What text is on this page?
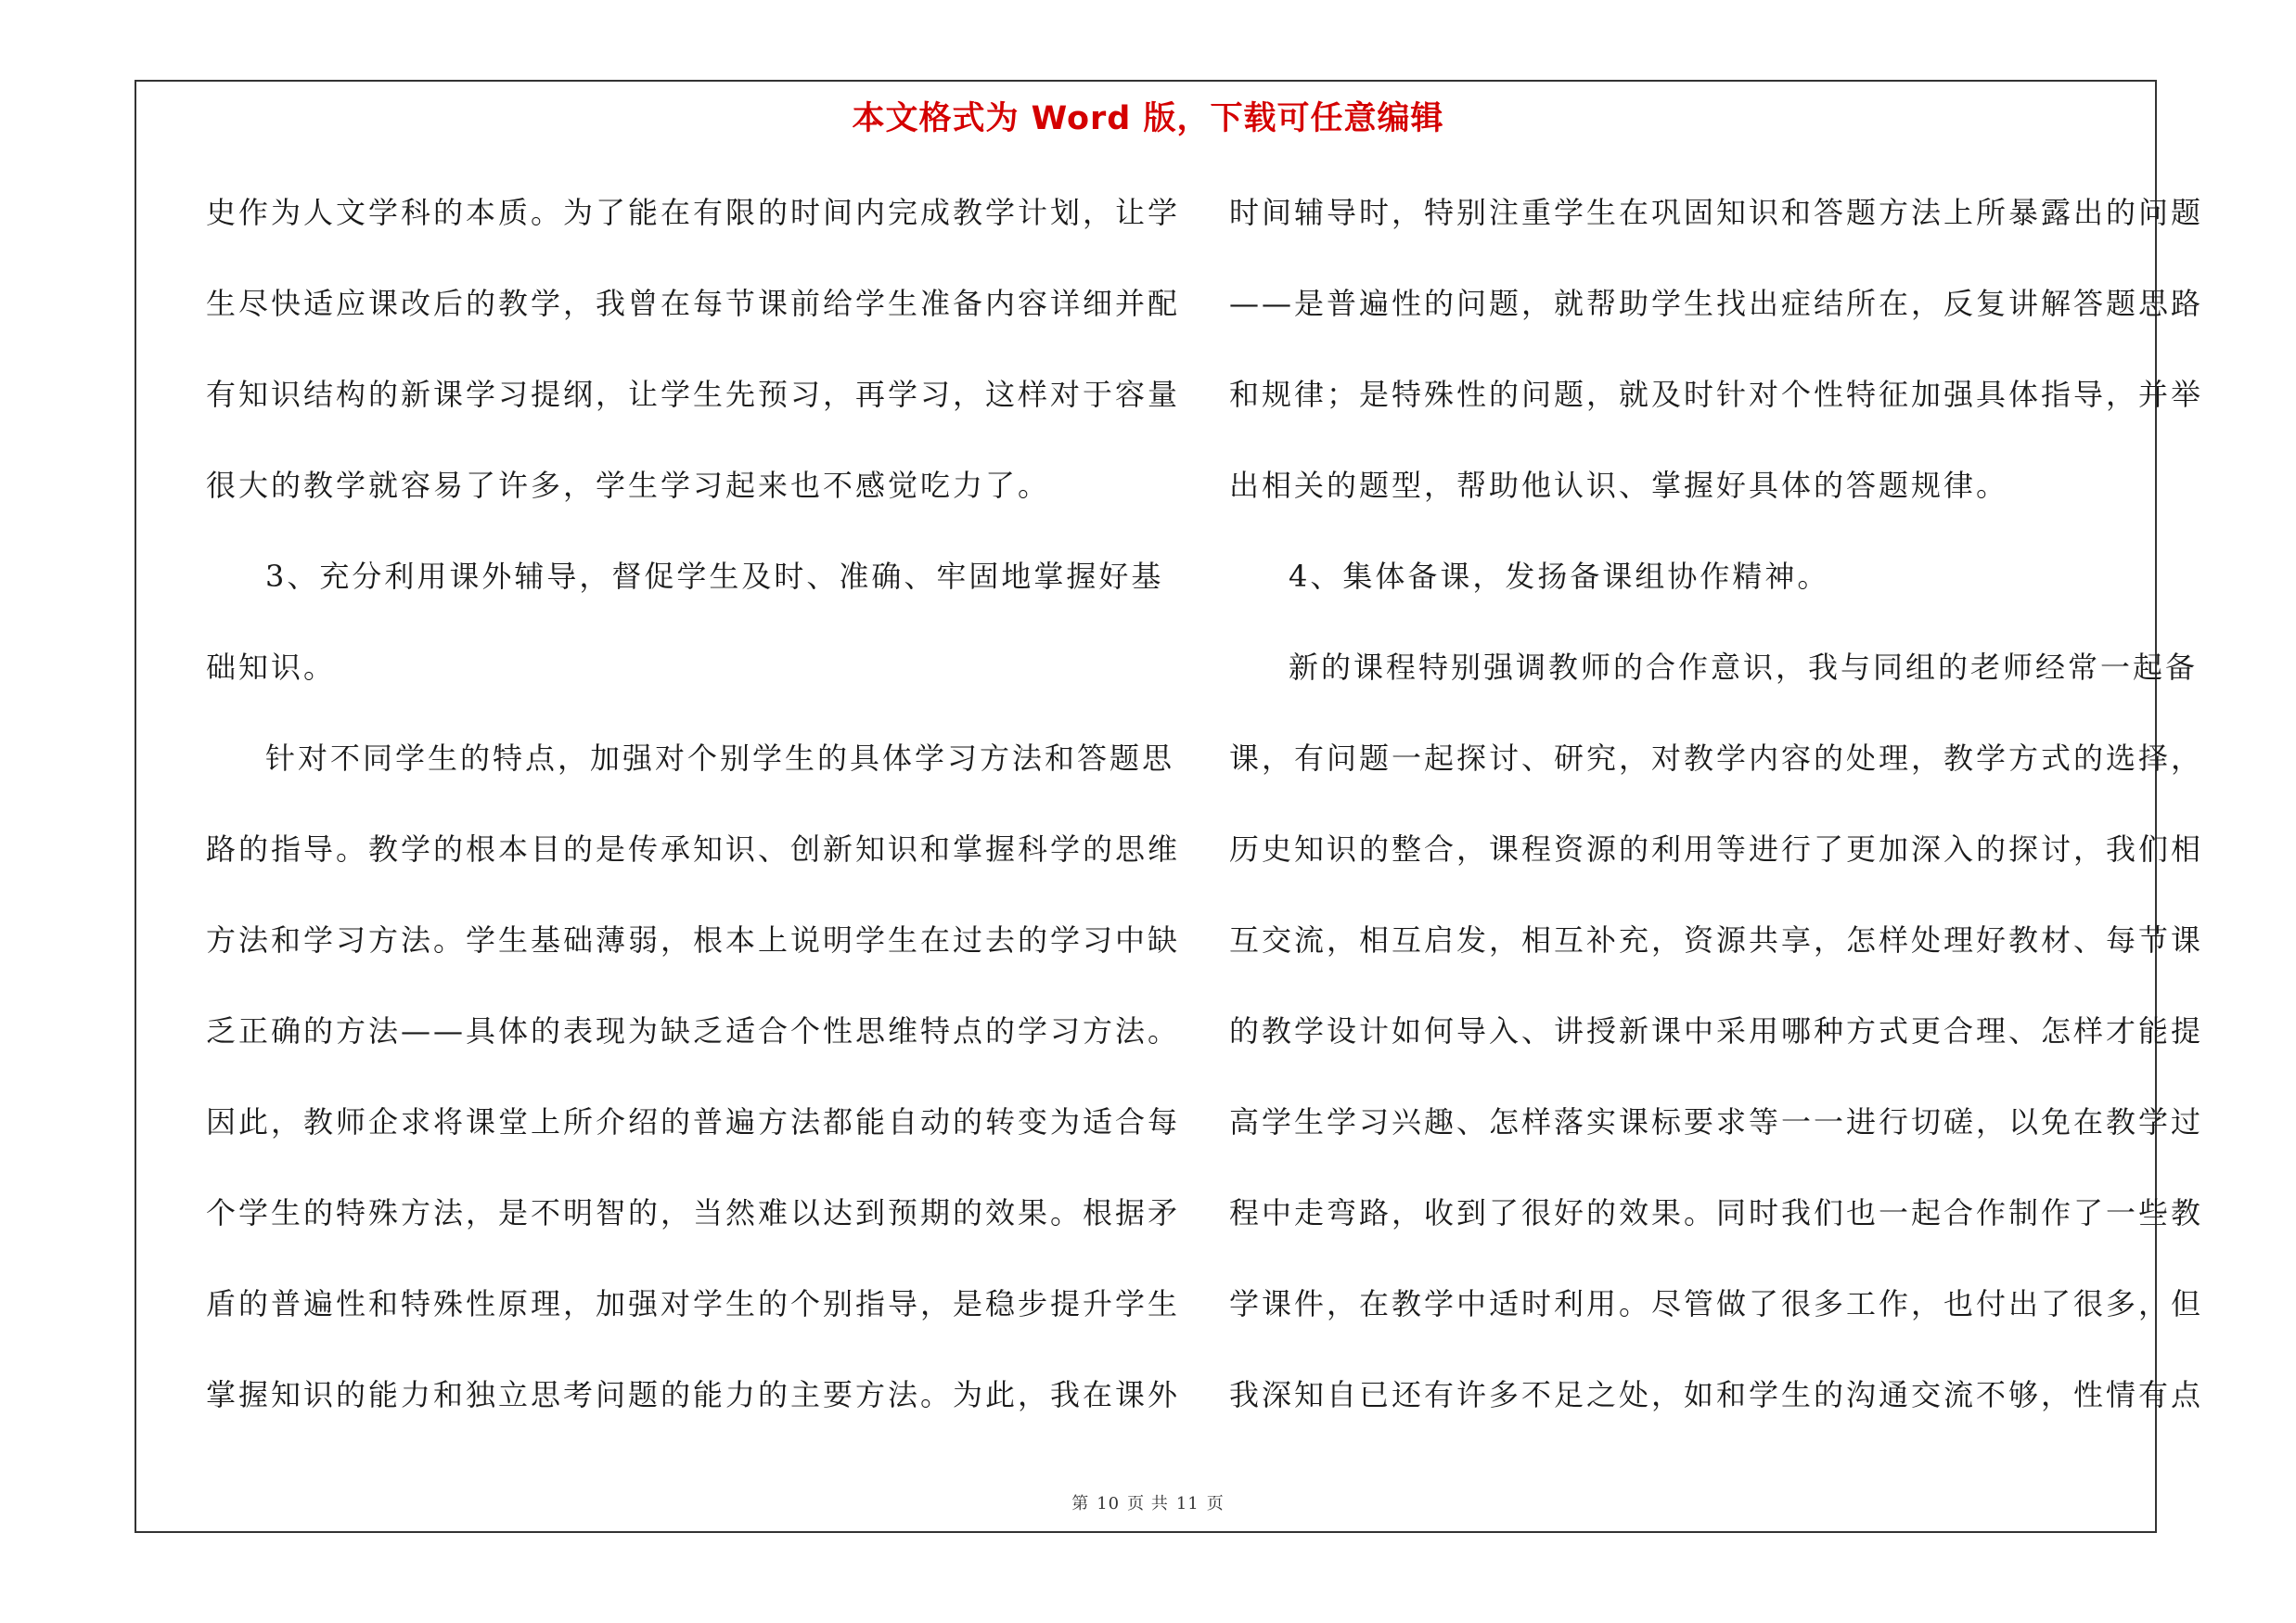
本文格式为 Word 版，下载可任意编辑
史作为人文学科的本质。为了能在有限的时间内完成教学计划，让学
生尽快适应课改后的教学，我曾在每节课前给学生准备内容详细并配
有知识结构的新课学习提纲，让学生先预习，再学习，这样对于容量
很大的教学就容易了许多，学生学习起来也不感觉吃力了。
3、充分利用课外辅导，督促学生及时、准确、牢固地掌握好基
础知识。
针对不同学生的特点，加强对个别学生的具体学习方法和答题思
路的指导。教学的根本目的是传承知识、创新知识和掌握科学的思维
方法和学习方法。学生基础薄弱，根本上说明学生在过去的学习中缺
乏正确的方法——具体的表现为缺乏适合个性思维特点的学习方法。
因此，教师企求将课堂上所介绍的普遍方法都能自动的转变为适合每
个学生的特殊方法，是不明智的，当然难以达到预期的效果。根据矛
盾的普遍性和特殊性原理，加强对学生的个别指导，是稳步提升学生
掌握知识的能力和独立思考问题的能力的主要方法。为此，我在课外
时间辅导时，特别注重学生在巩固知识和答题方法上所暴露出的问题
——是普遍性的问题，就帮助学生找出症结所在，反复讲解答题思路
和规律；是特殊性的问题，就及时针对个性特征加强具体指导，并举
出相关的题型，帮助他认识、掌握好具体的答题规律。
4、集体备课，发扬备课组协作精神。
新的课程特别强调教师的合作意识，我与同组的老师经常一起备
课，有问题一起探讨、研究，对教学内容的处理，教学方式的选择，
历史知识的整合，课程资源的利用等进行了更加深入的探讨，我们相
互交流，相互启发，相互补充，资源共享，怎样处理好教材、每节课
的教学设计如何导入、讲授新课中采用哪种方式更合理、怎样才能提
高学生学习兴趣、怎样落实课标要求等一一进行切磋，以免在教学过
程中走弯路，收到了很好的效果。同时我们也一起合作制作了一些教
学课件，在教学中适时利用。尽管做了很多工作，也付出了很多，但
我深知自已还有许多不足之处，如和学生的沟通交流不够，性情有点
第 10 页 共 11 页
